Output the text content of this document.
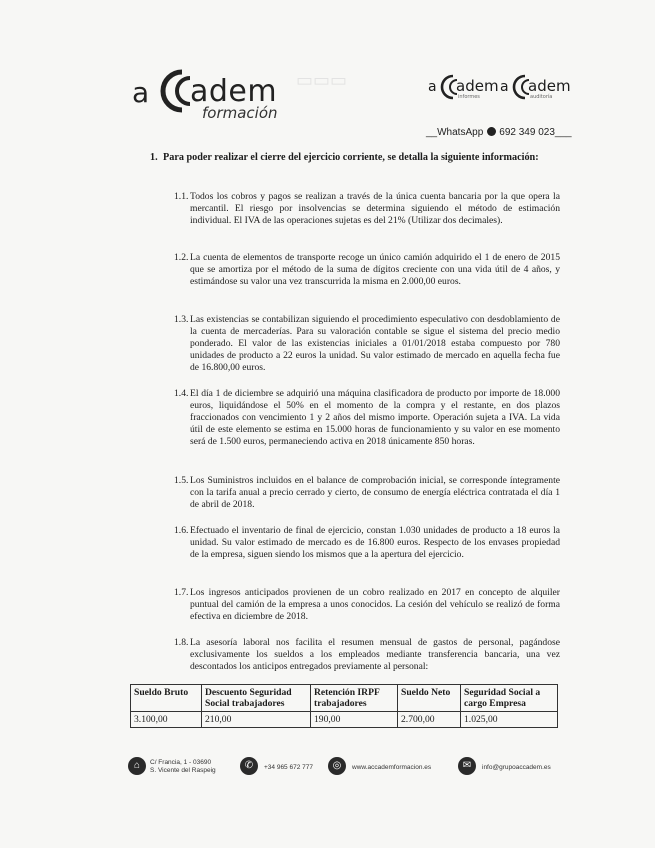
▭▭▭
a adem
formación
a adem
informes
a adem
auditoría
__WhatsApp 692 349 023___
1. Para poder realizar el cierre del ejercicio corriente, se detalla la siguiente información:
1.1. Todos los cobros y pagos se realizan a través de la única cuenta bancaria por la que opera la mercantil. El riesgo por insolvencias se determina siguiendo el método de estimación individual. El IVA de las operaciones sujetas es del 21% (Utilizar dos decimales).
1.2. La cuenta de elementos de transporte recoge un único camión adquirido el 1 de enero de 2015 que se amortiza por el método de la suma de dígitos creciente con una vida útil de 4 años, y estimándose su valor una vez transcurrida la misma en 2.000,00 euros.
1.3. Las existencias se contabilizan siguiendo el procedimiento especulativo con desdoblamiento de la cuenta de mercaderías. Para su valoración contable se sigue el sistema del precio medio ponderado. El valor de las existencias iniciales a 01/01/2018 estaba compuesto por 780 unidades de producto a 22 euros la unidad. Su valor estimado de mercado en aquella fecha fue de 16.800,00 euros.
1.4. El día 1 de diciembre se adquirió una máquina clasificadora de producto por importe de 18.000 euros, liquidándose el 50% en el momento de la compra y el restante, en dos plazos fraccionados con vencimiento 1 y 2 años del mismo importe. Operación sujeta a IVA. La vida útil de este elemento se estima en 15.000 horas de funcionamiento y su valor en ese momento será de 1.500 euros, permaneciendo activa en 2018 únicamente 850 horas.
1.5. Los Suministros incluidos en el balance de comprobación inicial, se corresponde íntegramente con la tarifa anual a precio cerrado y cierto, de consumo de energía eléctrica contratada el día 1 de abril de 2018.
1.6. Efectuado el inventario de final de ejercicio, constan 1.030 unidades de producto a 18 euros la unidad. Su valor estimado de mercado es de 16.800 euros. Respecto de los envases propiedad de la empresa, siguen siendo los mismos que a la apertura del ejercicio.
1.7. Los ingresos anticipados provienen de un cobro realizado en 2017 en concepto de alquiler puntual del camión de la empresa a unos conocidos. La cesión del vehículo se realizó de forma efectiva en diciembre de 2018.
1.8. La asesoría laboral nos facilita el resumen mensual de gastos de personal, pagándose exclusivamente los sueldos a los empleados mediante transferencia bancaria, una vez descontados los anticipos entregados previamente al personal:
Sueldo Bruto	Descuento Seguridad Social trabajadores	Retención IRPF trabajadores	Sueldo Neto	Seguridad Social a cargo Empresa
3.100,00	210,00	190,00	2.700,00	1.025,00
⌂	C/ Francia, 1 - 03690
S. Vicente del Raspeig	✆	+34 965 672 777	◎	www.accademformacion.es	✉	info@grupoaccadem.es
